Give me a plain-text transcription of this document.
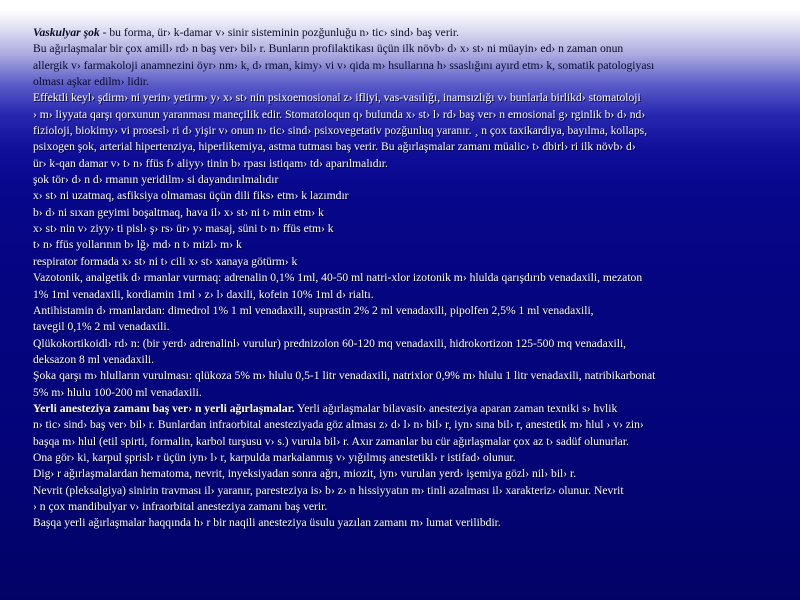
Vaskulyar şok - bu forma, ür› k-damar v› sinir sisteminin pozğunluğu n› tic› sind› baş verir.
Bu ağırlaşmalar bir çox amill› rd› n baş ver› bil› r. Bunların profilaktikası üçün ilk növb› d› x› st› ni müayin› ed› n zaman onun
allergik v› farmakoloji anamnezini öyr› nm› k, d› rman, kimy› vi v› qida m› hsullarına h› ssaslığını ayırd etm› k, somatik patologiyası
olması aşkar edilm› lidir.
Effektli keyl› şdirm› ni yerin› yetirm› y› x› st› nin psixoemosional z› ifliyi, vas-vasılığı, inamsızlığı v› bunlarla birlikd› stomatoloji
› m› liyyata qarşı qorxunun yaranması maneçilik edir. Stomatoloqun q› bulunda x› st› l› rd› baş ver› n emosional g› rginlik b› d› nd›
fizioloji, biokimy› vi prosesl› ri d› yişir v› onun n› tic› sind› psixovegetativ pozğunluq yaranır. ¸ n çox taxikardiya, bayılma, kollaps,
psixogen şok, arterial hipertenziya, hiperlikemiya, astma tutması baş verir. Bu ağırlaşmalar zamanı müalic› t› dbirl› ri ilk növb› d›
ür› k-qan damar v› t› n› ffüs f› aliyy› tinin b› rpası istiqam› td› aparılmalıdır.
şok tör› d› n d› rmanın yeridilm› si dayandırılmalıdır
x› st› ni uzatmaq, asfiksiya olmaması üçün dili fiks› etm› k lazımdır
b› d› ni sıxan geyimi boşaltmaq, hava il› x› st› ni t› min etm› k
x› st› nin v› ziyy› ti pisl› ş› rs› ür› y› masaj, süni t› n› ffüs etm› k
t› n› ffüs yollarının b› lğ› md› n t› mizl› m› k
respirator formada x› st› ni t› cili x› st› xanaya götürm› k
Vazotonik, analgetik d› rmanlar vurmaq: adrenalin 0,1% 1ml, 40-50 ml natri-xlor izotonik m› hlulda qarışdırıb venadaxili, mezaton
1% 1ml venadaxili, kordiamin 1ml › z› l› daxili, kofein 10% 1ml d› rialtı.
Antihistamin d› rmanlardan: dimedrol 1% 1 ml venadaxili, suprastin 2% 2 ml venadaxili, pipolfen 2,5% 1 ml venadaxili,
tavegil 0,1% 2 ml venadaxili.
Qlükokortikoidl› rd› n: (bir yerd› adrenalinl› vurulur) prednizolon 60-120 mq venadaxili, hidrokortizon 125-500 mq venadaxili,
deksazon 8 ml venadaxili.
Şoka qarşı m› hlulların vurulması: qlükoza 5% m› hlulu 0,5-1 litr venadaxili, natrixlor 0,9% m› hlulu 1 litr venadaxili, natribikarbonat
5% m› hlulu 100-200 ml venadaxili.
Yerli anesteziya zamanı baş ver› n yerli ağırlaşmalar. Yerli ağırlaşmalar bilavasit› anesteziya aparan zaman texniki s› hvlik
n› tic› sind› baş ver› bil› r. Bunlardan infraorbital anesteziyada göz alması z› d› l› n› bil› r, iyn› sına bil› r, anestetik m› hlul › v› zin›
başqa m› hlul (etil spirti, formalin, karbol turşusu v› s.) vurula bil› r. Axır zamanlar bu cür ağırlaşmalar çox az t› sadüf olunurlar.
Ona gör› ki, karpul şprisl› r üçün iyn› l› r, karpulda markalanmış v› yığılmış anestetikl› r istifad› olunur.
Dig› r ağırlaşmalardan hematoma, nevrit, inyeksiyadan sonra ağrı, miozit, iyn› vurulan yerd› işemiya gözl› nil› bil› r.
Nevrit (pleksalgiya) sinirin travması il› yaranır, paresteziya is› b› z› n hissiyyatın m› tinli azalması il› xarakteriz› olunur. Nevrit
› n çox mandibulyar v› infraorbital anesteziya zamanı baş verir.
Başqa yerli ağırlaşmalar haqqında h› r bir naqili anesteziya üsulu yazılan zamanı m› lumat verilibdir.
